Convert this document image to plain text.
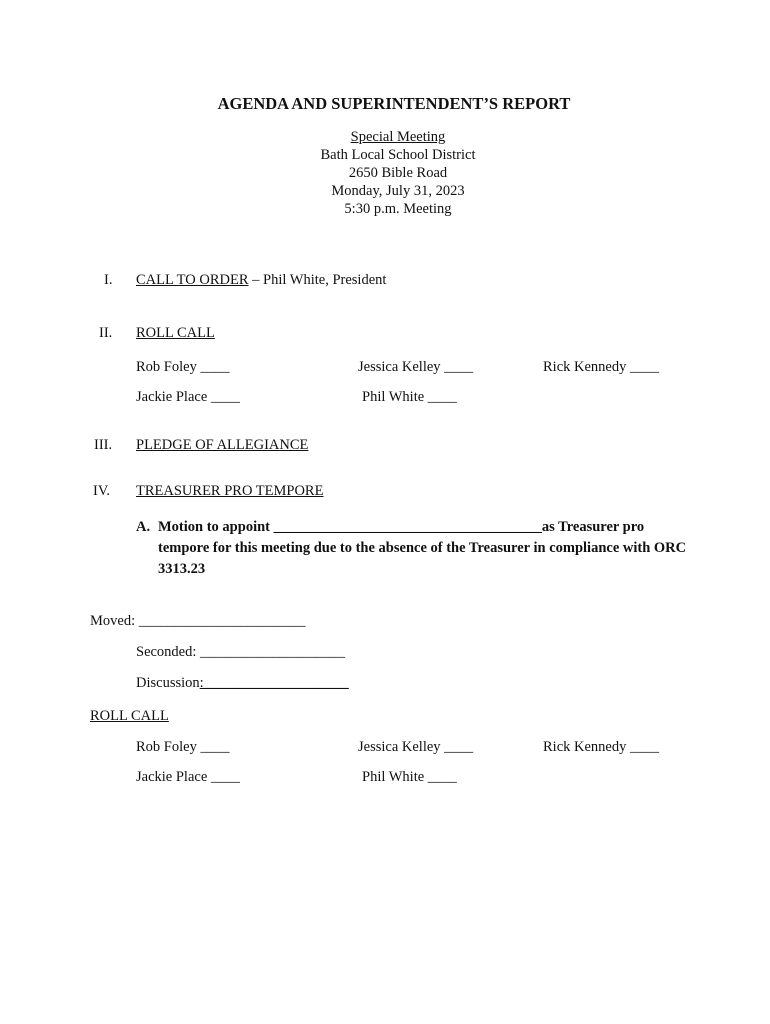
AGENDA AND SUPERINTENDENT’S REPORT
Special Meeting
Bath Local School District
2650 Bible Road
Monday, July 31, 2023
5:30 p.m. Meeting
I. CALL TO ORDER – Phil White, President
II. ROLL CALL
Rob Foley ____	Jessica Kelley ____	Rick Kennedy ____
Jackie Place ____	Phil White ____
III. PLEDGE OF ALLEGIANCE
IV. TREASURER PRO TEMPORE
A. Motion to appoint _____________________________________as Treasurer pro tempore for this meeting due to the absence of the Treasurer in compliance with ORC 3313.23
Moved: _______________________
Seconded: ____________________
Discussion:____________________
ROLL CALL
Rob Foley ____	Jessica Kelley ____	Rick Kennedy ____
Jackie Place ____	Phil White ____
